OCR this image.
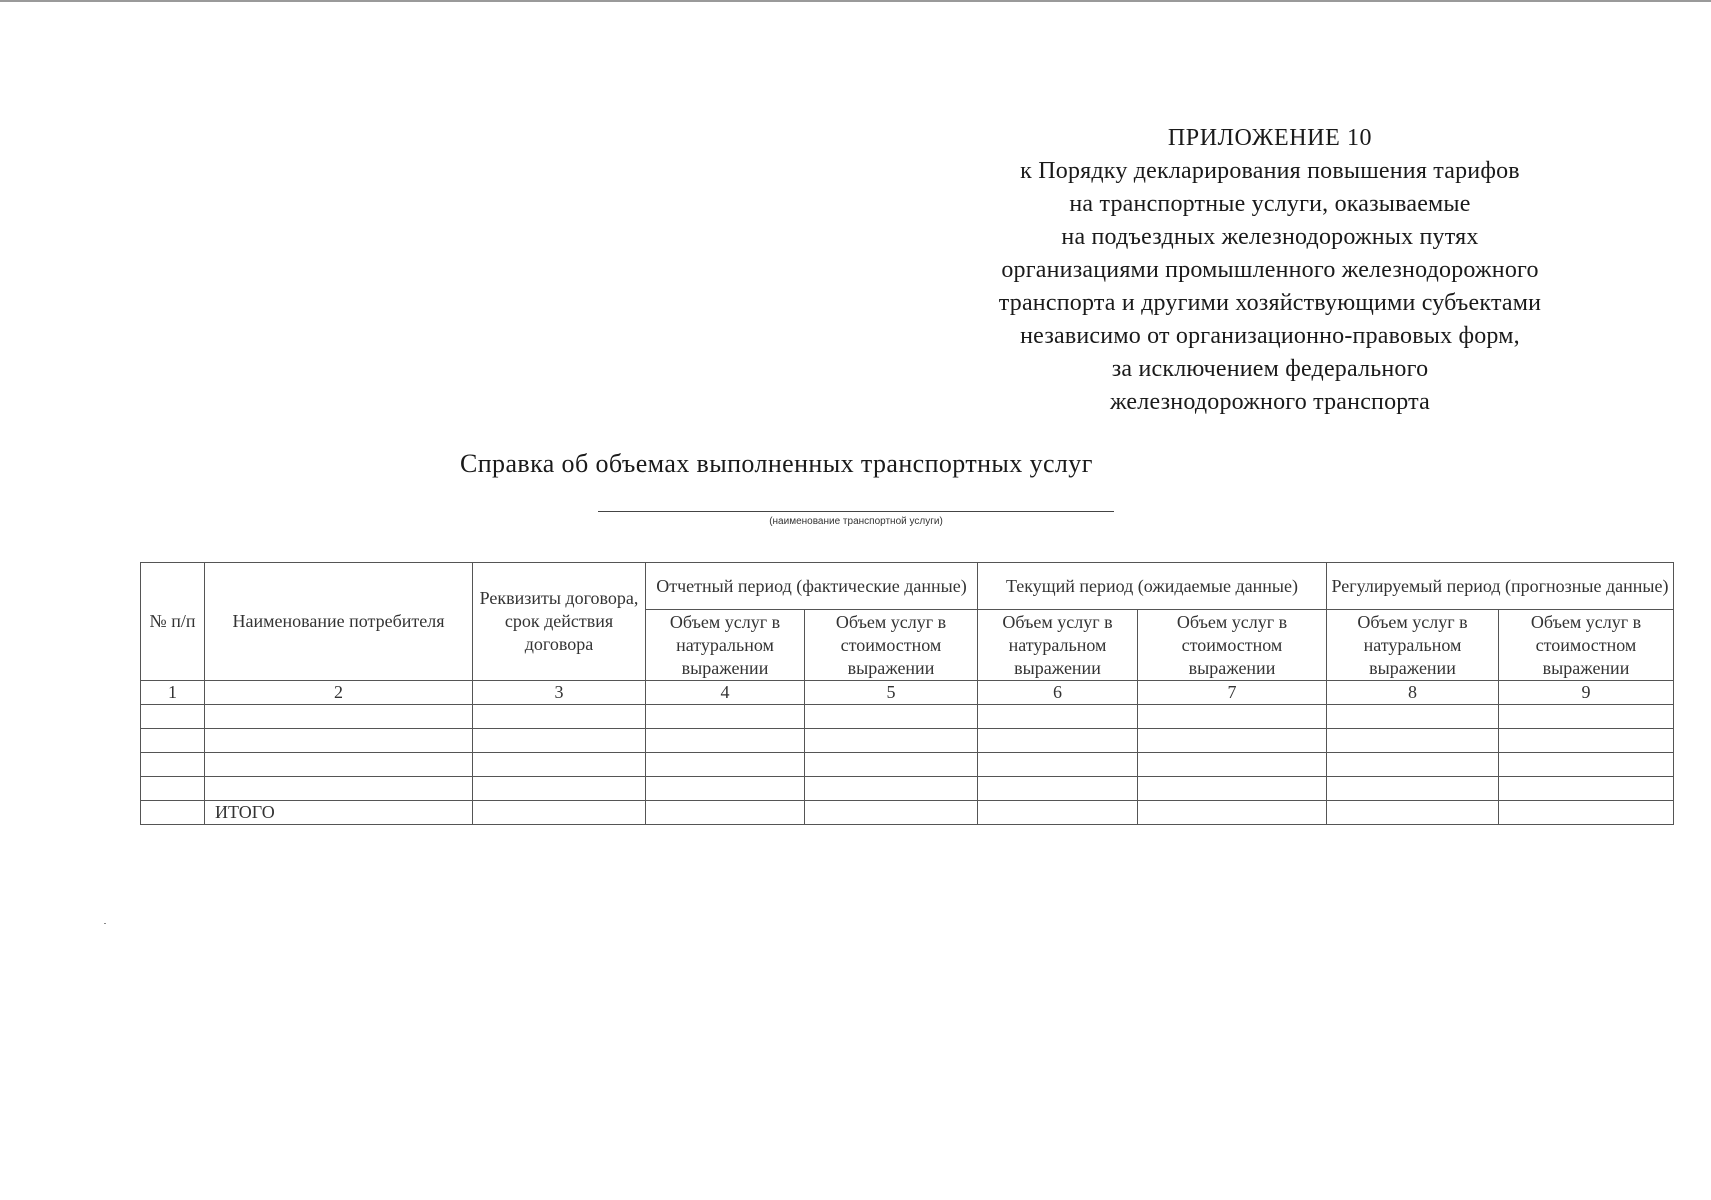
ПРИЛОЖЕНИЕ 10
к Порядку декларирования повышения тарифов
на транспортные услуги, оказываемые
на подъездных железнодорожных путях
организациями промышленного железнодорожного
транспорта и другими хозяйствующими субъектами
независимо от организационно-правовых форм,
за исключением федерального
железнодорожного транспорта
Справка об объемах выполненных транспортных услуг
(наименование транспортной услуги)
№ п/п	Наименование потребителя	Реквизиты договора, срок действия договора	Отчетный период (фактические данные)		Текущий период (ожидаемые данные)		Регулируемый период (прогнозные данные)	
			Объем услуг в натуральном выражении	Объем услуг в стоимостном выражении	Объем услуг в натуральном выражении	Объем услуг в стоимостном выражении	Объем услуг в натуральном выражении	Объем услуг в стоимостном выражении
1	2	3	4	5	6	7	8	9

	ИТОГО							
